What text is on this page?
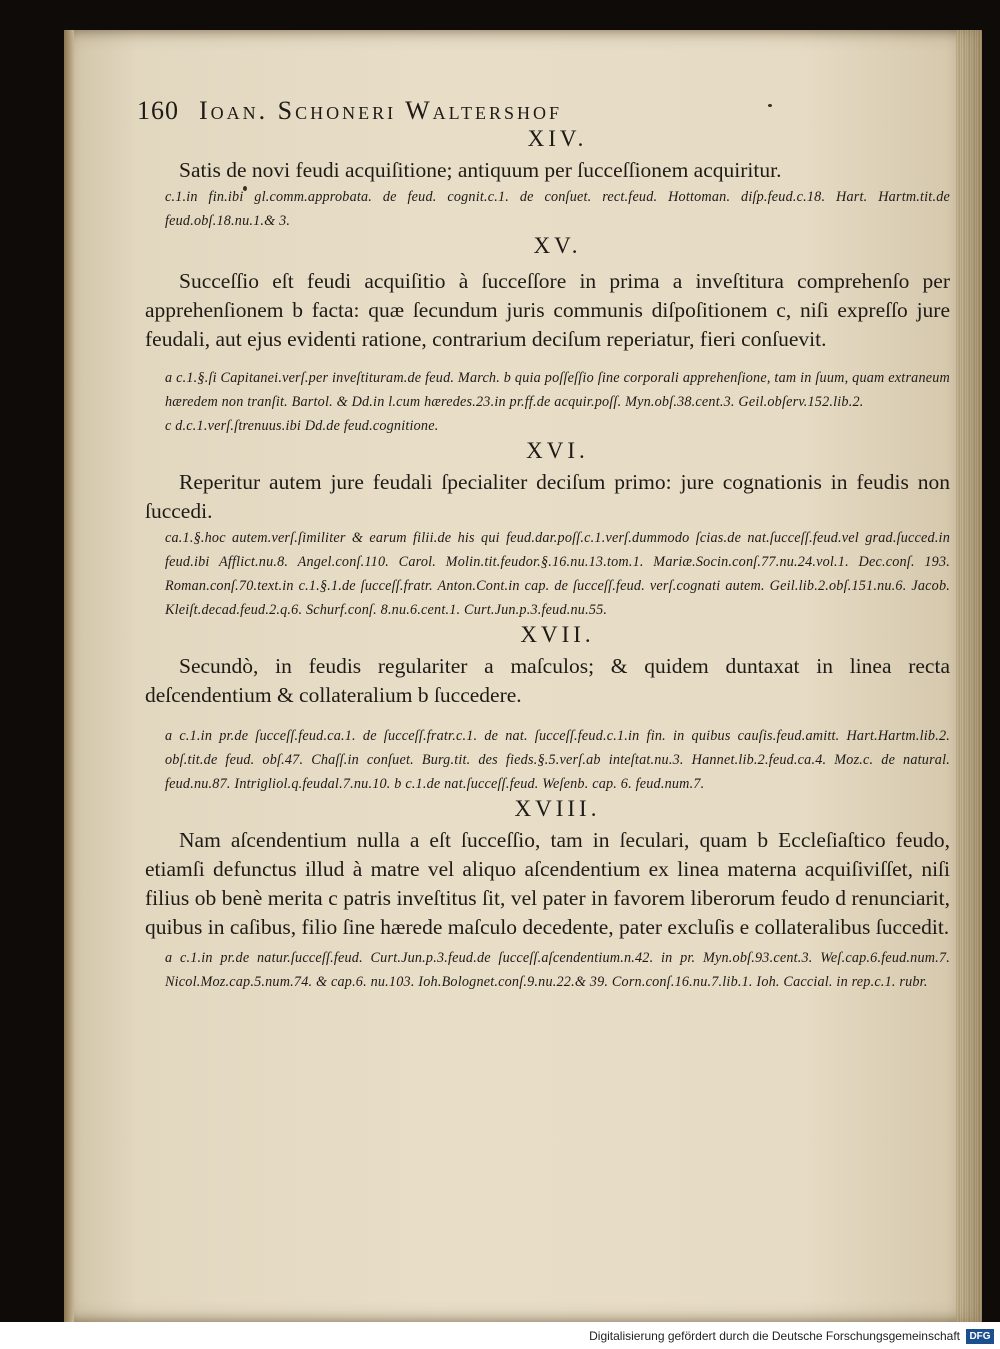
160 Ioan. Schoneri Waltershof
XIV.

Satis de novi feudi acquiſitione; antiquum per ſucceſſionem acquiritur.

c.1.in fin.ibi gl.comm.approbata. de feud. cognit.c.1. de conſuet. rect.feud. Hottoman. diſp.feud.c.18. Hart. Hartm.tit.de feud.obſ.18.nu.1.& 3.

XV.

Succeſſio eſt feudi acquiſitio à ſucceſſore in prima a inveſtitura comprehenſo per apprehenſionem b facta: quæ ſecundum juris communis diſpoſitionem c, niſi expreſſo jure feudali, aut ejus evidenti ratione, contrarium deciſum reperiatur, fieri conſuevit.

a c.1.§.ſi Capitanei.verſ.per inveſtituram.de feud. March. b quia poſſeſſio ſine corporali apprehenſione, tam in ſuum, quam extraneum hæredem non tranſit. Bartol. & Dd.in l.cum hæredes.23.in pr.ff.de acquir.poſſ. Myn.obſ.38.cent.3. Geil.obſerv.152.lib.2.

c d.c.1.verſ.ſtrenuus.ibi Dd.de feud.cognitione.

XVI.

Reperitur autem jure feudali ſpecialiter deciſum primo: jure cognationis in feudis non ſuccedi.

ca.1.§.hoc autem.verſ.ſimiliter & earum filii.de his qui feud.dar.poſſ.c.1.verſ.dummodo ſcias.de nat.ſucceſſ.feud.vel grad.ſucced.in feud.ibi Afflict.nu.8. Angel.conſ.110. Carol. Molin.tit.feudor.§.16.nu.13.tom.1. Mariæ.Socin.conſ.77.nu.24.vol.1. Dec.conſ. 193. Roman.conſ.70.text.in c.1.§.1.de ſucceſſ.fratr. Anton.Cont.in cap. de ſucceſſ.feud. verſ.cognati autem. Geil.lib.2.obſ.151.nu.6. Jacob. Kleiſt.decad.feud.2.q.6. Schurf.conſ. 8.nu.6.cent.1. Curt.Jun.p.3.feud.nu.55.

XVII.

Secundò, in feudis regulariter a maſculos; & quidem duntaxat in linea recta deſcendentium & collateralium b ſuccedere.

a c.1.in pr.de ſucceſſ.feud.ca.1. de ſucceſſ.fratr.c.1. de nat. ſucceſſ.feud.c.1.in fin. in quibus cauſis.feud.amitt. Hart.Hartm.lib.2. obſ.tit.de feud. obſ.47. Chaſſ.in conſuet. Burg.tit. des fieds.§.5.verſ.ab inteſtat.nu.3. Hannet.lib.2.feud.ca.4. Moz.c. de natural. feud.nu.87. Intrigliol.q.feudal.7.nu.10. b c.1.de nat.ſucceſſ.feud. Weſenb. cap. 6. feud.num.7.

XVIII.

Nam aſcendentium nulla a eſt ſucceſſio, tam in ſeculari, quam b Eccleſiaſtico feudo, etiamſi defunctus illud à matre vel aliquo aſcendentium ex linea materna acquiſiviſſet, niſi filius ob benè merita c patris inveſtitus ſit, vel pater in favorem liberorum feudo d renunciarit, quibus in caſibus, filio ſine hærede maſculo decedente, pater excluſis e collateralibus ſuccedit.

a c.1.in pr.de natur.ſucceſſ.feud. Curt.Jun.p.3.feud.de ſucceſſ.aſcendentium.n.42. in pr. Myn.obſ.93.cent.3. Weſ.cap.6.feud.num.7. Nicol.Moz.cap.5.num.74. & cap.6. nu.103. Ioh.Bolognet.conſ.9.nu.22.& 39. Corn.conſ.16.nu.7.lib.1. Ioh. Caccial. in rep.c.1. rubr.

Digitalisierung gefördert durch die Deutsche Forschungsgemeinschaft DFG
